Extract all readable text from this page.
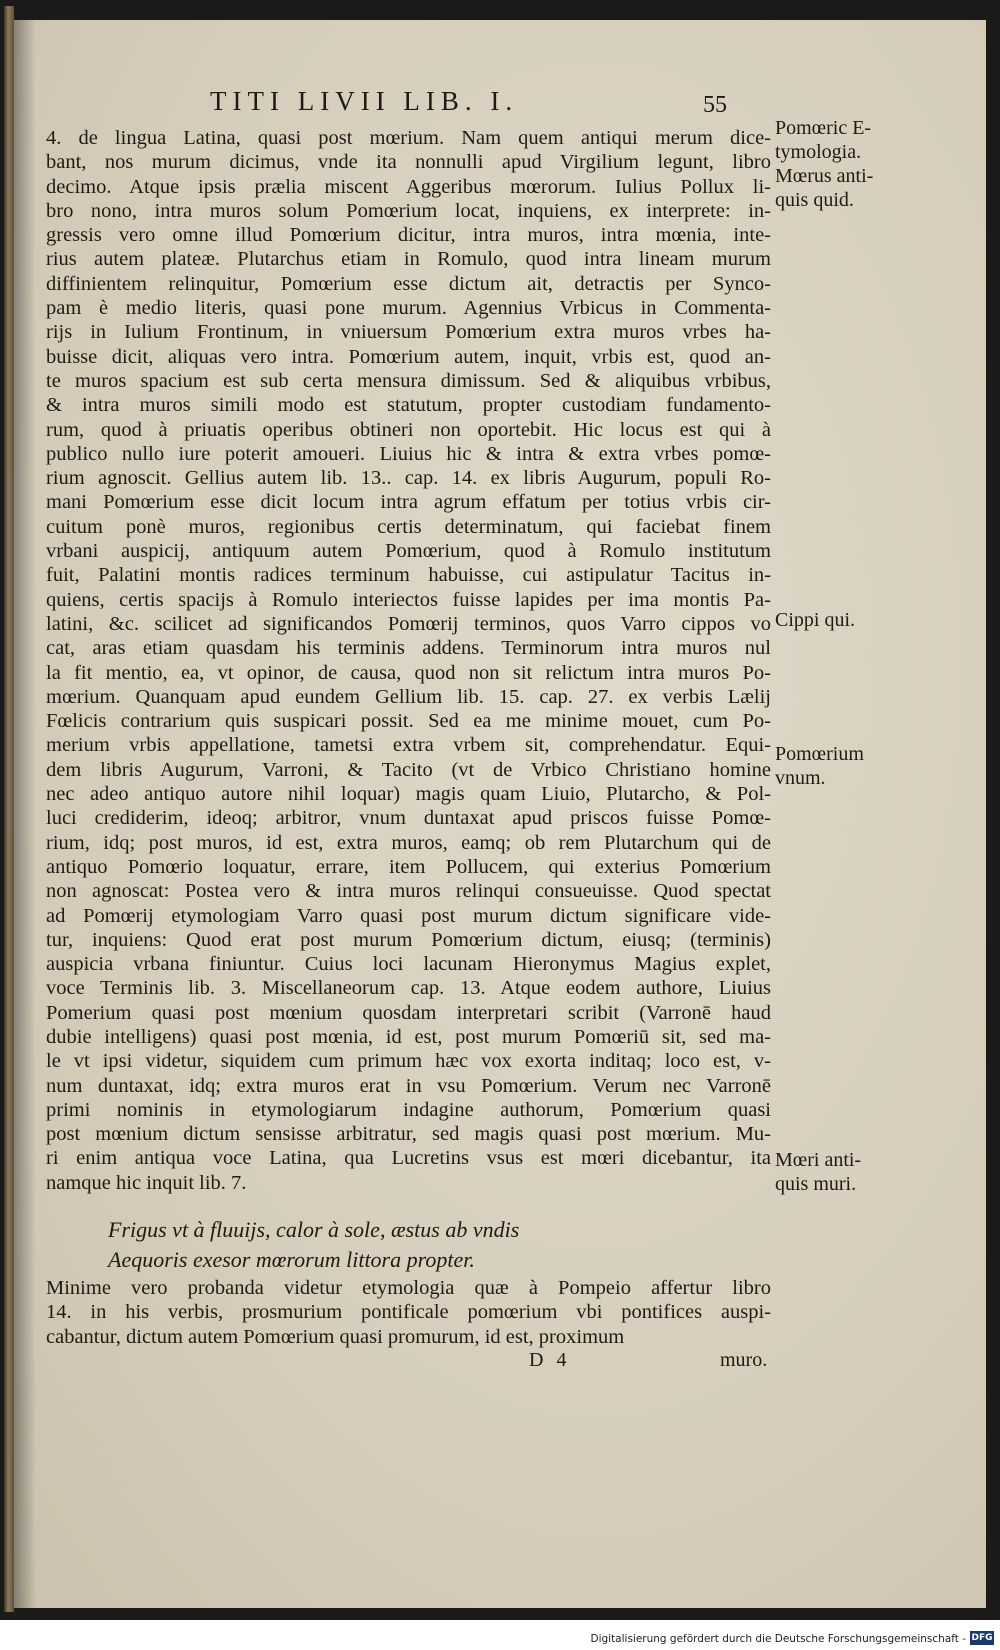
TITI LIVII LIB. I.	55
4. de lingua Latina, quasi post mœrium. Nam quem antiqui merum dice-
bant, nos murum dicimus, vnde ita nonnulli apud Virgilium legunt, libro
decimo. Atque ipsis prælia miscent Aggeribus mœrorum. Iulius Pollux li-
bro nono, intra muros solum Pomœrium locat, inquiens, ex interprete: in-
gressis vero omne illud Pomœrium dicitur, intra muros, intra mœnia, inte-
rius autem plateæ. Plutarchus etiam in Romulo, quod intra lineam murum
diffinientem relinquitur, Pomœrium esse dictum ait, detractis per Synco-
pam è medio literis, quasi pone murum. Agennius Vrbicus in Commenta-
rijs in Iulium Frontinum, in vniuersum Pomœrium extra muros vrbes ha-
buisse dicit, aliquas vero intra. Pomœrium autem, inquit, vrbis est, quod an-
te muros spacium est sub certa mensura dimissum. Sed & aliquibus vrbibus,
& intra muros simili modo est statutum, propter custodiam fundamento-
rum, quod à priuatis operibus obtineri non oportebit. Hic locus est qui à
publico nullo iure poterit amoueri. Liuius hic & intra & extra vrbes pomœ-
rium agnoscit. Gellius autem lib. 13.. cap. 14. ex libris Augurum, populi Ro-
mani Pomœrium esse dicit locum intra agrum effatum per totius vrbis cir-
cuitum ponè muros, regionibus certis determinatum, qui faciebat finem
vrbani auspicij, antiquum autem Pomœrium, quod à Romulo institutum
fuit, Palatini montis radices terminum habuisse, cui astipulatur Tacitus in-
quiens, certis spacijs à Romulo interiectos fuisse lapides per ima montis Pa-
latini, &c. scilicet ad significandos Pomœrij terminos, quos Varro cippos vo
cat, aras etiam quasdam his terminis addens. Terminorum intra muros nul
la fit mentio, ea, vt opinor, de causa, quod non sit relictum intra muros Po-
mœrium. Quanquam apud eundem Gellium lib. 15. cap. 27. ex verbis Lælij
Fœlicis contrarium quis suspicari possit. Sed ea me minime mouet, cum Po-
merium vrbis appellatione, tametsi extra vrbem sit, comprehendatur. Equi-
dem libris Augurum, Varroni, & Tacito (vt de Vrbico Christiano homine
nec adeo antiquo autore nihil loquar) magis quam Liuio, Plutarcho, & Pol-
luci crediderim, ideoq; arbitror, vnum duntaxat apud priscos fuisse Pomœ-
rium, idq; post muros, id est, extra muros, eamq; ob rem Plutarchum qui de
antiquo Pomœrio loquatur, errare, item Pollucem, qui exterius Pomœrium
non agnoscat: Postea vero & intra muros relinqui consueuisse. Quod spectat
ad Pomœrij etymologiam Varro quasi post murum dictum significare vide-
tur, inquiens: Quod erat post murum Pomœrium dictum, eiusq; (terminis)
auspicia vrbana finiuntur. Cuius loci lacunam Hieronymus Magius explet,
voce Terminis lib. 3. Miscellaneorum cap. 13. Atque eodem authore, Liuius
Pomerium quasi post mœnium quosdam interpretari scribit (Varronē haud
dubie intelligens) quasi post mœnia, id est, post murum Pomœriū sit, sed ma-
le vt ipsi videtur, siquidem cum primum hæc vox exorta inditaq; loco est, v-
num duntaxat, idq; extra muros erat in vsu Pomœrium. Verum nec Varronē
primi nominis in etymologiarum indagine authorum, Pomœrium quasi
post mœnium dictum sensisse arbitratur, sed magis quasi post mœrium. Mu-
ri enim antiqua voce Latina, qua Lucretins vsus est mœri dicebantur, ita
namque hic inquit lib. 7.
Frigus vt à fluuijs, calor à sole, æstus ab vndis
Aequoris exesor mœrorum littora propter.
Minime vero probanda videtur etymologia quæ à Pompeio affertur libro
14. in his verbis, prosmurium pontificale pomœrium vbi pontifices auspi-
cabantur, dictum autem Pomœrium quasi promurum, id est, proximum
D 4	muro.
Pomœric E-
tymologia.
Mœrus anti-
quis quid.
Cippi qui.
Pomœrium
vnum.
Mœri anti-
quis muri.
Digitalisierung gefördert durch die Deutsche Forschungsgemeinschaft - DFG
